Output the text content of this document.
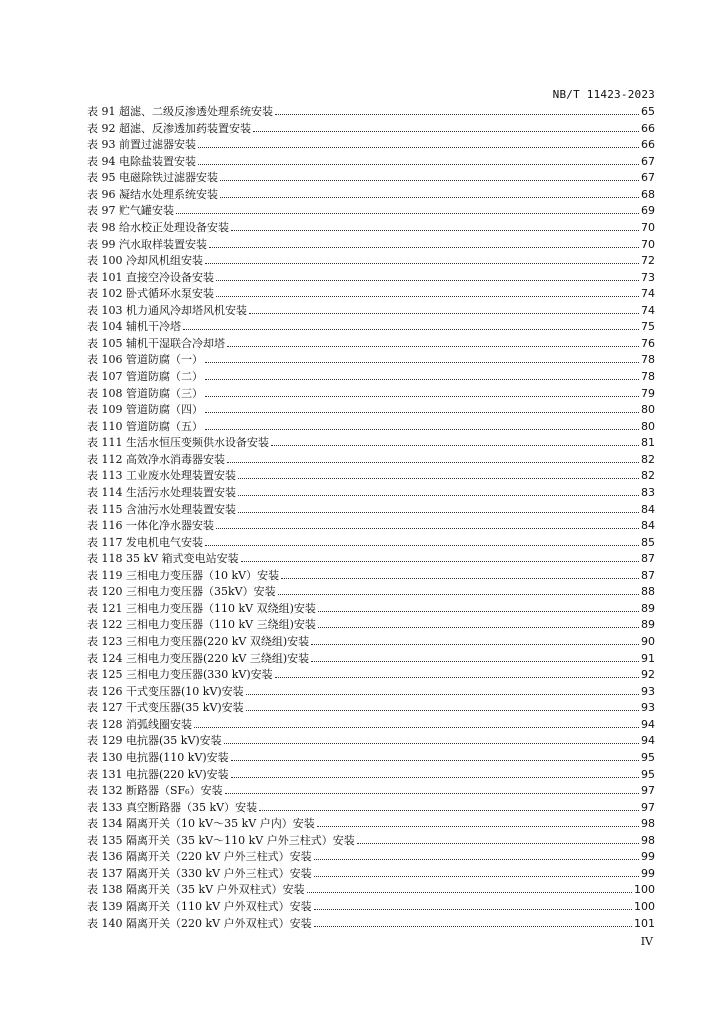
NB/T 11423-2023
表 91 超滤、二级反渗透处理系统安装	65
表 92 超滤、反渗透加药装置安装	66
表 93 前置过滤器安装	66
表 94 电除盐装置安装	67
表 95 电磁除铁过滤器安装	67
表 96 凝结水处理系统安装	68
表 97 贮气罐安装	69
表 98 给水校正处理设备安装	70
表 99 汽水取样装置安装	70
表 100 冷却风机组安装	72
表 101 直接空冷设备安装	73
表 102 卧式循环水泵安装	74
表 103 机力通风冷却塔风机安装	74
表 104 辅机干冷塔	75
表 105 辅机干湿联合冷却塔	76
表 106 管道防腐（一）	78
表 107 管道防腐（二）	78
表 108 管道防腐（三）	79
表 109 管道防腐（四）	80
表 110 管道防腐（五）	80
表 111 生活水恒压变频供水设备安装	81
表 112 高效净水消毒器安装	82
表 113 工业废水处理装置安装	82
表 114 生活污水处理装置安装	83
表 115 含油污水处理装置安装	84
表 116 一体化净水器安装	84
表 117 发电机电气安装	85
表 118 35 kV 箱式变电站安装	87
表 119 三相电力变压器（10 kV）安装	87
表 120 三相电力变压器（35kV）安装	88
表 121 三相电力变压器（110 kV 双绕组)安装	89
表 122 三相电力变压器（110 kV 三绕组)安装	89
表 123 三相电力变压器(220 kV 双绕组)安装	90
表 124 三相电力变压器(220 kV 三绕组)安装	91
表 125 三相电力变压器(330 kV)安装	92
表 126 干式变压器(10 kV)安装	93
表 127 干式变压器(35 kV)安装	93
表 128 消弧线圈安装	94
表 129 电抗器(35 kV)安装	94
表 130 电抗器(110 kV)安装	95
表 131 电抗器(220 kV)安装	95
表 132 断路器（SF₆）安装	97
表 133 真空断路器（35 kV）安装	97
表 134 隔离开关（10 kV～35 kV 户内）安装	98
表 135 隔离开关（35 kV～110 kV 户外三柱式）安装	98
表 136 隔离开关（220 kV 户外三柱式）安装	99
表 137 隔离开关（330 kV 户外三柱式）安装	99
表 138 隔离开关（35 kV 户外双柱式）安装	100
表 139 隔离开关（110 kV 户外双柱式）安装	100
表 140 隔离开关（220 kV 户外双柱式）安装	101
IV
